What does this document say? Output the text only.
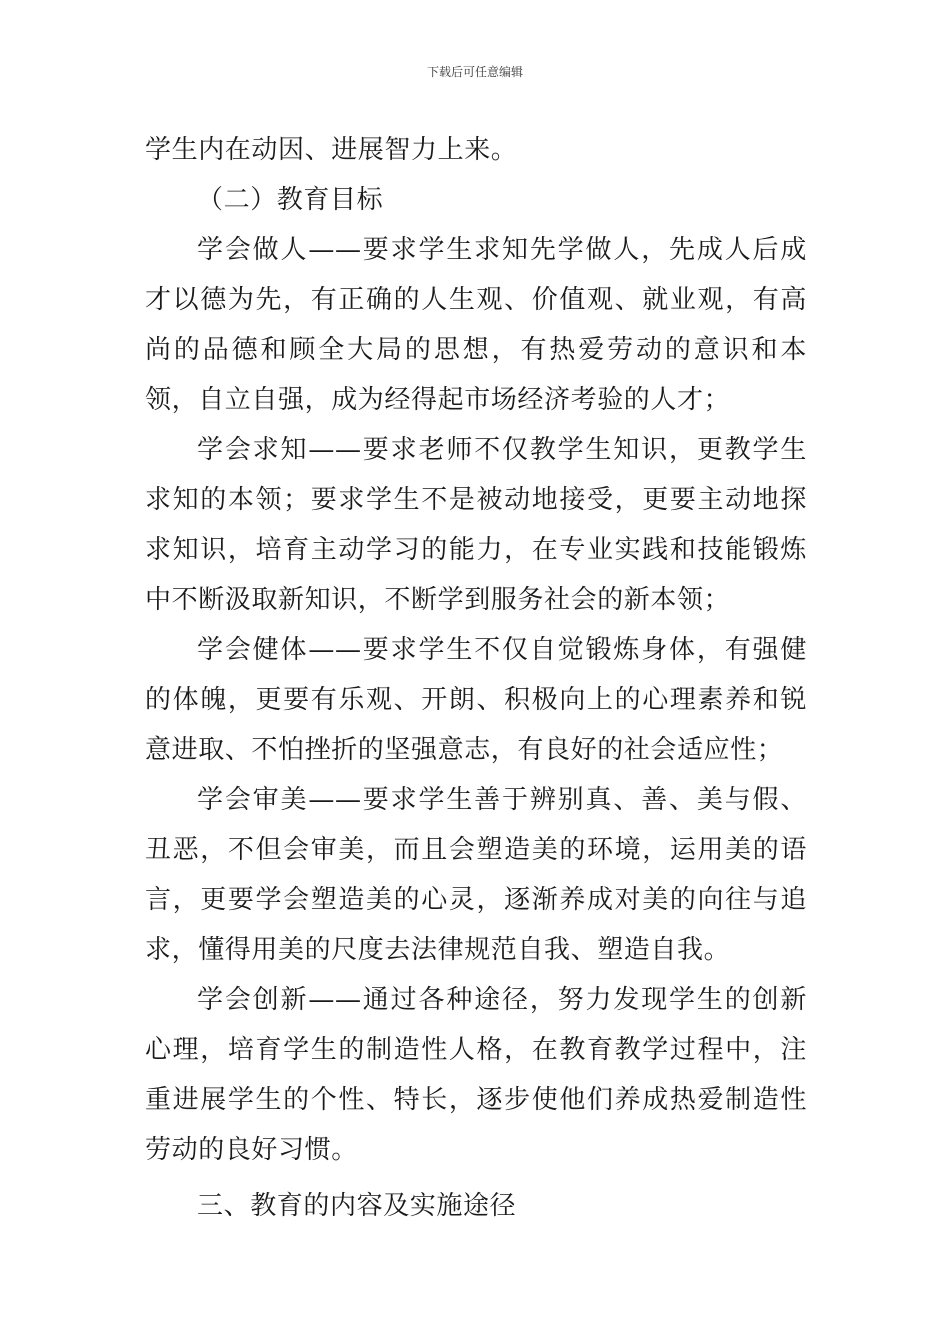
下载后可任意编辑

学生内在动因、进展智力上来。

（二）教育目标

学会做人——要求学生求知先学做人，先成人后成才以德为先，有正确的人生观、价值观、就业观，有高尚的品德和顾全大局的思想，有热爱劳动的意识和本领，自立自强，成为经得起市场经济考验的人才；

学会求知——要求老师不仅教学生知识，更教学生求知的本领；要求学生不是被动地接受，更要主动地探求知识，培育主动学习的能力，在专业实践和技能锻炼中不断汲取新知识，不断学到服务社会的新本领；

学会健体——要求学生不仅自觉锻炼身体，有强健的体魄，更要有乐观、开朗、积极向上的心理素养和锐意进取、不怕挫折的坚强意志，有良好的社会适应性；

学会审美——要求学生善于辨别真、善、美与假、丑恶，不但会审美，而且会塑造美的环境，运用美的语言，更要学会塑造美的心灵，逐渐养成对美的向往与追求，懂得用美的尺度去法律规范自我、塑造自我。

学会创新——通过各种途径，努力发现学生的创新心理，培育学生的制造性人格，在教育教学过程中，注重进展学生的个性、特长，逐步使他们养成热爱制造性劳动的良好习惯。

三、教育的内容及实施途径
